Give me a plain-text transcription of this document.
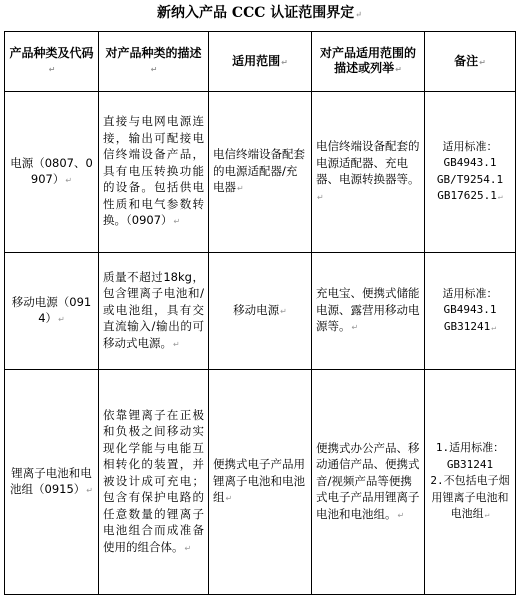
新纳入产品 CCC 认证范围界定↵
产品种类及代码↵	对产品种类的描述↵	适用范围↵	对产品适用范围的描述或列举↵	备注↵
电源（0807、0907）↵	直接与电网电源连接，输出可配接电信终端设备产品，具有电压转换功能的设备。包括供电性质和电气参数转换。（0907）↵	电信终端设备配套的电源适配器/充电器↵	电信终端设备配套的电源适配器、充电器、电源转换器等。↵	适用标准：
GB4943.1
GB/T9254.1
GB17625.1↵

移动电源（0914）↵	质量不超过18kg，包含锂离子电池和/或电池组，具有交直流输入/输出的可移动式电源。↵	移动电源↵	充电宝、便携式储能电源、露营用移动电源等。↵	适用标准：
GB4943.1
GB31241↵

锂离子电池和电池组（0915）↵	依靠锂离子在正极和负极之间移动实现化学能与电能互相转化的装置，并被设计成可充电；包含有保护电路的任意数量的锂离子电池组合而成准备使用的组合体。↵	便携式电子产品用锂离子电池和电池组↵	便携式办公产品、移动通信产品、便携式音/视频产品等便携式电子产品用锂离子电池和电池组。↵	1.适用标准：
GB31241
2.不包括电子烟用锂离子电池和电池组↵
